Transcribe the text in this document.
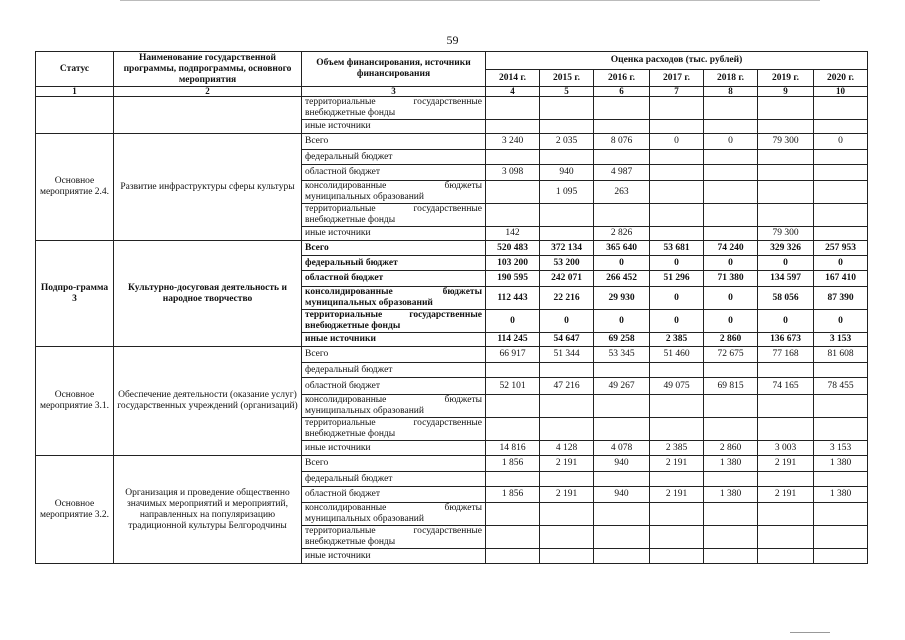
59
Статус	Наименование государственной программы, подпрограммы, основного мероприятия	Объем финансирования, источники финансирования	Оценка расходов (тыс. рублей)						
			2014 г.	2015 г.	2016 г.	2017 г.	2018 г.	2019 г.	2020 г.
1	2	3	4	5	6	7	8	9	10
		территориальные государственные внебюджетные фонды							
		иные источники							
Основное мероприятие 2.4.	Развитие инфраструктуры сферы культуры	Всего	3 240	2 035	8 076	0	0	79 300	0
		федеральный бюджет							
		областной бюджет	3 098	940	4 987				
		консолидированные бюджеты муниципальных образований		1 095	263				
		территориальные государственные внебюджетные фонды							
		иные источники	142		2 826			79 300	
Подпро-грамма 3	Культурно-досуговая деятельность и народное творчество	Всего	520 483	372 134	365 640	53 681	74 240	329 326	257 953
		федеральный бюджет	103 200	53 200	0	0	0	0	0
		областной бюджет	190 595	242 071	266 452	51 296	71 380	134 597	167 410
		консолидированные бюджеты муниципальных образований	112 443	22 216	29 930	0	0	58 056	87 390
		территориальные государственные внебюджетные фонды	0	0	0	0	0	0	0
		иные источники	114 245	54 647	69 258	2 385	2 860	136 673	3 153
Основное мероприятие 3.1.	Обеспечение деятельности (оказание услуг) государственных учреждений (организаций)	Всего	66 917	51 344	53 345	51 460	72 675	77 168	81 608
		федеральный бюджет							
		областной бюджет	52 101	47 216	49 267	49 075	69 815	74 165	78 455
		консолидированные бюджеты муниципальных образований							
		территориальные государственные внебюджетные фонды							
		иные источники	14 816	4 128	4 078	2 385	2 860	3 003	3 153
Основное мероприятие 3.2.	Организация и проведение общественно значимых мероприятий и мероприятий, направленных на популяризацию традиционной культуры Белгородчины	Всего	1 856	2 191	940	2 191	1 380	2 191	1 380
		федеральный бюджет							
		областной бюджет	1 856	2 191	940	2 191	1 380	2 191	1 380
		консолидированные бюджеты муниципальных образований							
		территориальные государственные внебюджетные фонды							
		иные источники							
